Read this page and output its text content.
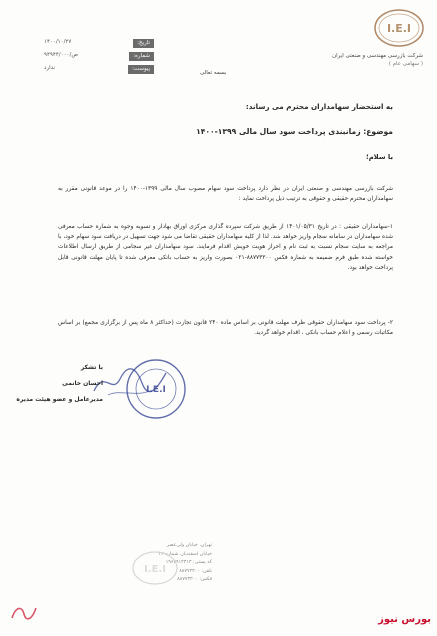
I.E.I
شرکت بازرسی مهندسی و صنعتی ایران
( سهامی عام )
تاریخ:
۱۴۰۰/۱۰/۲۷
شماره:
۹۴۹۴۴/ص/۰۰۰
پیوست:
ندارد
بسمه تعالی
به استحضار سهامداران محترم می رساند:
موضوع: زمانبندی پرداخت سود سال مالی ۱۳۹۹-۱۴۰۰
با سلام؛
شرکت بازرسی مهندسی و صنعتی ایران در نظر دارد پرداخت سود سهام مصوب سال مالی ۱۳۹۹-۱۴۰۰ را در موعد قانونی مقرر به سهامداران محترم حقیقی و حقوقی به ترتیب ذیل پرداخت نماید :
۱-سهامداران حقیقی : در تاریخ ۱۴۰۱/۰۵/۳۱ از طریق شرکت سپرده گذاری مرکزی اوراق بهادار و تسویه وجوه به شماره حساب معرفی شده سهامداران در سامانه سجام واریز خواهد شد. لذا از کلیه سهامداران حقیقی تقاضا می شود جهت تسهیل در دریافت سود سهام خود، با مراجعه به سایت سجام نسبت به ثبت نام و احراز هویت خویش اقدام فرمایند. سود سهامداران غیر سجامی از طریق ارسال اطلاعات خواسته شده طبق فرم ضمیمه به شماره فکس ۸۸۷۷۳۳۰۰-۰۲۱ بصورت واریز به حساب بانکی معرفی شده تا پایان مهلت قانونی قابل پرداخت خواهد بود.
۲- پرداخت سود سهامداران حقوقی ظرف مهلت قانونی بر اساس ماده ۲۴۰ قانون تجارت (حداکثر ۸ ماه پس از برگزاری مجمع) بر اساس مکاتبات رسمی و اعلام حساب بانکی ، اقدام خواهد گردید.
I.E.I
با تشکر
احسان خانمی
مدیرعامل و عضو هیئت مدیره
تهران، خیابان ولی‌عصر
خیابان اسفندیار، شماره ۲۲
کد پستی: ۱۹۶۷۹۱۴۳۱۳
تلفن: ۸۸۷۷۳۳۰۰
فکس: ۸۸۷۷۳۳۰۰
I.E.I
بورس نیوز
